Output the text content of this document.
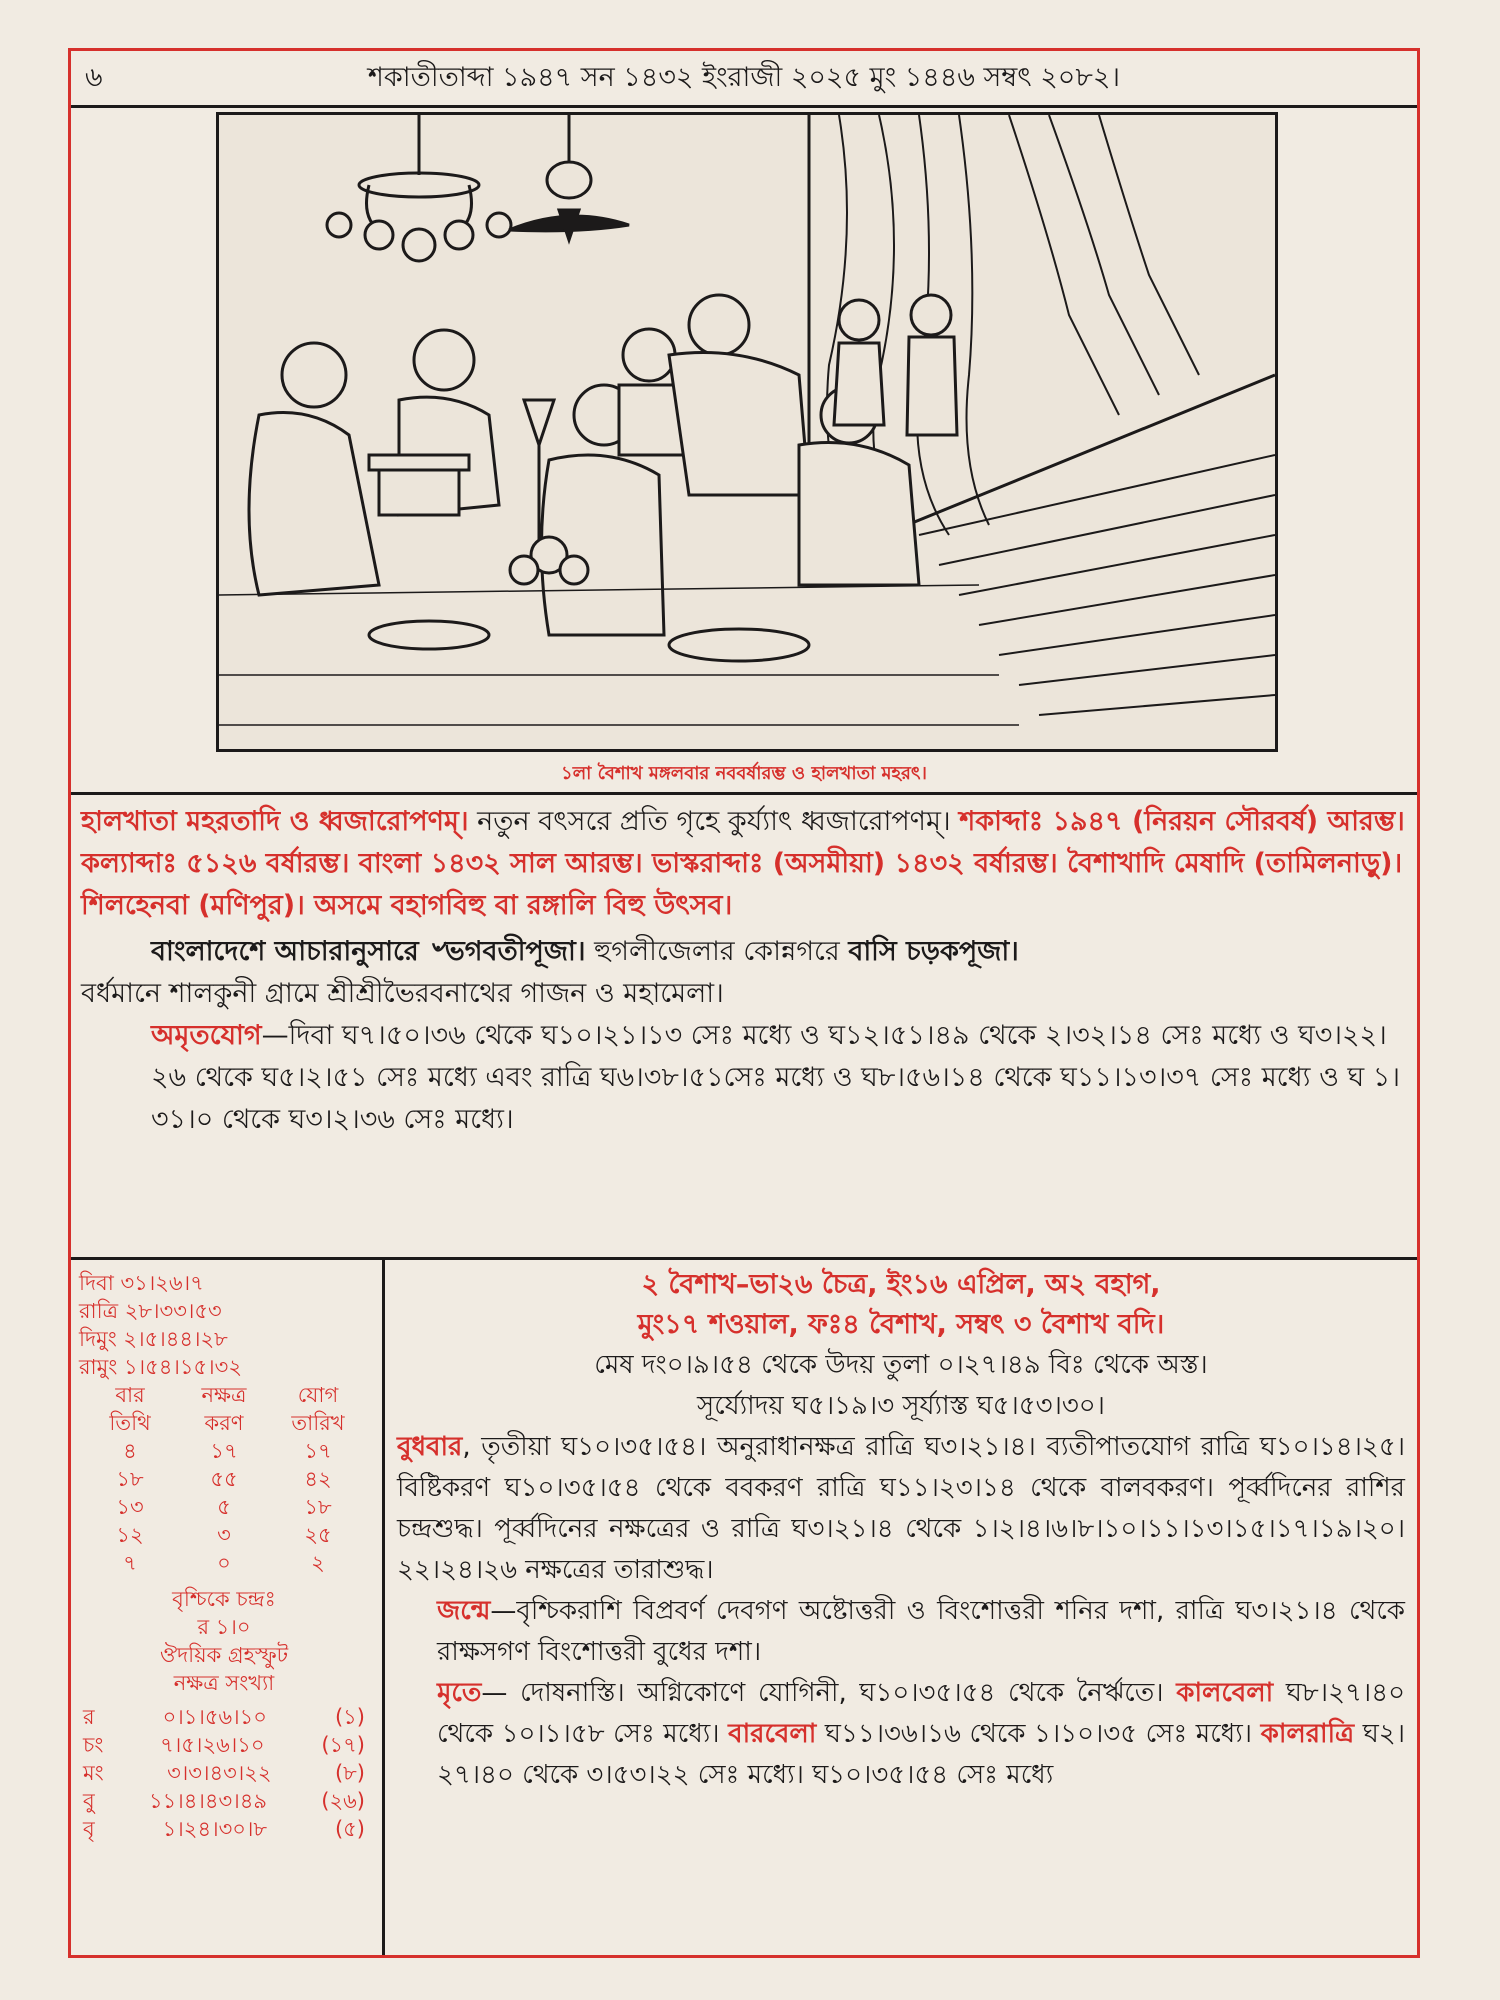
৬	শকাতীতাব্দা ১৯৪৭ সন ১৪৩২ ইংরাজী ২০২৫ মুং ১৪৪৬ সম্বৎ ২০৮২।
১লা বৈশাখ মঙ্গলবার নববর্ষারম্ভ ও হালখাতা মহরৎ।

হালখাতা মহরতাদি ও ধ্বজারোপণম্। নতুন বৎসরে প্রতি গৃহে কুর্য্যাৎ ধ্বজারোপণম্। শকাব্দাঃ ১৯৪৭ (নিরয়ন সৌরবর্ষ) আরম্ভ। কল্যাব্দাঃ ৫১২৬ বর্ষারম্ভ। বাংলা ১৪৩২ সাল আরম্ভ। ভাস্করাব্দাঃ (অসমীয়া) ১৪৩২ বর্ষারম্ভ। বৈশাখাদি মেষাদি (তামিলনাড়ু)। শিলহেনবা (মণিপুর)। অসমে বহাগবিহু বা রঙ্গালি বিহু উৎসব।

বাংলাদেশে আচারানুসারে ৺ভগবতীপূজা। হুগলীজেলার কোন্নগরে বাসি চড়কপূজা।

বর্ধমানে শালকুনী গ্রামে শ্রীশ্রীভৈরবনাথের গাজন ও মহামেলা।

অমৃতযোগ—দিবা ঘ৭।৫০।৩৬ থেকে ঘ১০।২১।১৩ সেঃ মধ্যে ও ঘ১২।৫১।৪৯ থেকে ২।৩২।১৪ সেঃ মধ্যে ও ঘ৩।২২।২৬ থেকে ঘ৫।২।৫১ সেঃ মধ্যে এবং রাত্রি ঘ৬।৩৮।৫১সেঃ মধ্যে ও ঘ৮।৫৬।১৪ থেকে ঘ১১।১৩।৩৭ সেঃ মধ্যে ও ঘ ১।৩১।০ থেকে ঘ৩।২।৩৬ সেঃ মধ্যে।

দিবা ৩১।২৬।৭
রাত্রি ২৮।৩৩।৫৩
দিমুং ২।৫।৪৪।২৮
রামুং ১।৫৪।১৫।৩২
বার	নক্ষত্র	যোগ
তিথি	করণ	তারিখ
৪	১৭	১৭
১৮	৫৫	৪২
১৩	৫	১৮
১২	৩	২৫
৭	০	২
বৃশ্চিকে চন্দ্রঃ
র ১।০
ঔদয়িক গ্রহস্ফুট
নক্ষত্র সংখ্যা
র	০।১।৫৬।১০	(১)
চং	৭।৫।২৬।১০	(১৭)
মং	৩।৩।৪৩।২২	(৮)
বু	১১।৪।৪৩।৪৯	(২৬)
বৃ	১।২৪।৩০।৮	(৫)

২ বৈশাখ–ভা২৬ চৈত্র, ইং১৬ এপ্রিল, অ২ বহাগ,

মুং১৭ শওয়াল, ফঃ৪ বৈশাখ, সম্বৎ ৩ বৈশাখ বদি।

মেষ দং০।৯।৫৪ থেকে উদয় তুলা ০।২৭।৪৯ বিঃ থেকে অস্ত।

সূর্য্যোদয় ঘ৫।১৯।৩ সূর্য্যাস্ত ঘ৫।৫৩।৩০।

বুধবার, তৃতীয়া ঘ১০।৩৫।৫৪। অনুরাধানক্ষত্র রাত্রি ঘ৩।২১।৪। ব্যতীপাতযোগ রাত্রি ঘ১০।১৪।২৫। বিষ্টিকরণ ঘ১০।৩৫।৫৪ থেকে ববকরণ রাত্রি ঘ১১।২৩।১৪ থেকে বালবকরণ। পূর্ব্বদিনের রাশির চন্দ্রশুদ্ধ। পূর্ব্বদিনের নক্ষত্রের ও রাত্রি ঘ৩।২১।৪ থেকে ১।২।৪।৬।৮।১০।১১।১৩।১৫।১৭।১৯।২০।২২।২৪।২৬ নক্ষত্রের তারাশুদ্ধ।

জন্মে—বৃশ্চিকরাশি বিপ্রবর্ণ দেবগণ অষ্টোত্তরী ও বিংশোত্তরী শনির দশা, রাত্রি ঘ৩।২১।৪ থেকে রাক্ষসগণ বিংশোত্তরী বুধের দশা।

মৃতে— দোষনাস্তি। অগ্নিকোণে যোগিনী, ঘ১০।৩৫।৫৪ থেকে নৈর্ঋতে। কালবেলা ঘ৮।২৭।৪০ থেকে ১০।১।৫৮ সেঃ মধ্যে। বারবেলা ঘ১১।৩৬।১৬ থেকে ১।১০।৩৫ সেঃ মধ্যে। কালরাত্রি ঘ২।২৭।৪০ থেকে ৩।৫৩।২২ সেঃ মধ্যে। ঘ১০।৩৫।৫৪ সেঃ মধ্যে
